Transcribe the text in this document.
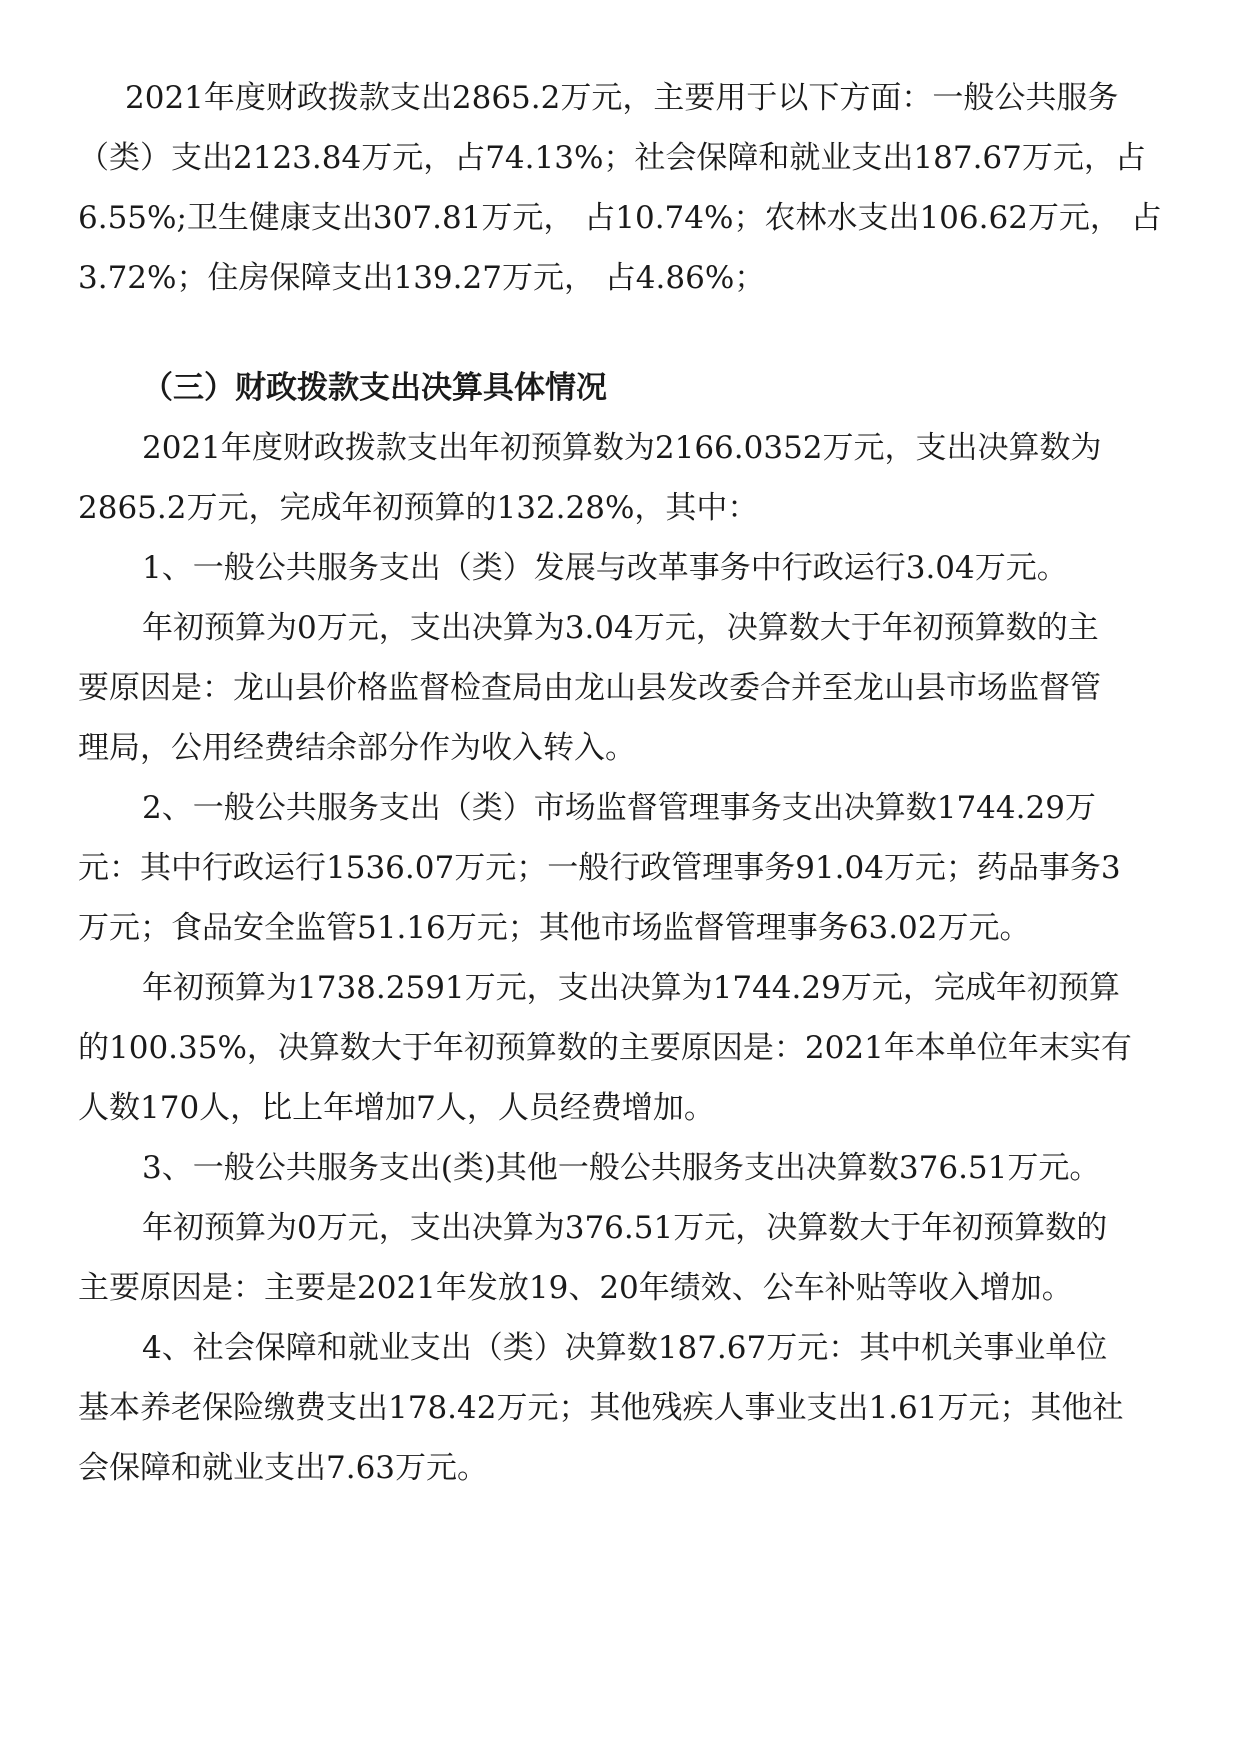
2021年度财政拨款支出2865.2万元，主要用于以下方面：一般公共服务
（类）支出2123.84万元，占74.13%；社会保障和就业支出187.67万元，占
6.55%;卫生健康支出307.81万元， 占10.74%；农林水支出106.62万元， 占
3.72%；住房保障支出139.27万元， 占4.86%；
（三）财政拨款支出决算具体情况
2021年度财政拨款支出年初预算数为2166.0352万元，支出决算数为
2865.2万元，完成年初预算的132.28%，其中：
1、一般公共服务支出（类）发展与改革事务中行政运行3.04万元。
年初预算为0万元，支出决算为3.04万元，决算数大于年初预算数的主
要原因是：龙山县价格监督检查局由龙山县发改委合并至龙山县市场监督管
理局，公用经费结余部分作为收入转入。
2、一般公共服务支出（类）市场监督管理事务支出决算数1744.29万
元：其中行政运行1536.07万元；一般行政管理事务91.04万元；药品事务3
万元；食品安全监管51.16万元；其他市场监督管理事务63.02万元。
年初预算为1738.2591万元，支出决算为1744.29万元，完成年初预算
的100.35%，决算数大于年初预算数的主要原因是：2021年本单位年末实有
人数170人，比上年增加7人，人员经费增加。
3、一般公共服务支出(类)其他一般公共服务支出决算数376.51万元。
年初预算为0万元，支出决算为376.51万元，决算数大于年初预算数的
主要原因是：主要是2021年发放19、20年绩效、公车补贴等收入增加。
4、社会保障和就业支出（类）决算数187.67万元：其中机关事业单位
基本养老保险缴费支出178.42万元；其他残疾人事业支出1.61万元；其他社
会保障和就业支出7.63万元。
